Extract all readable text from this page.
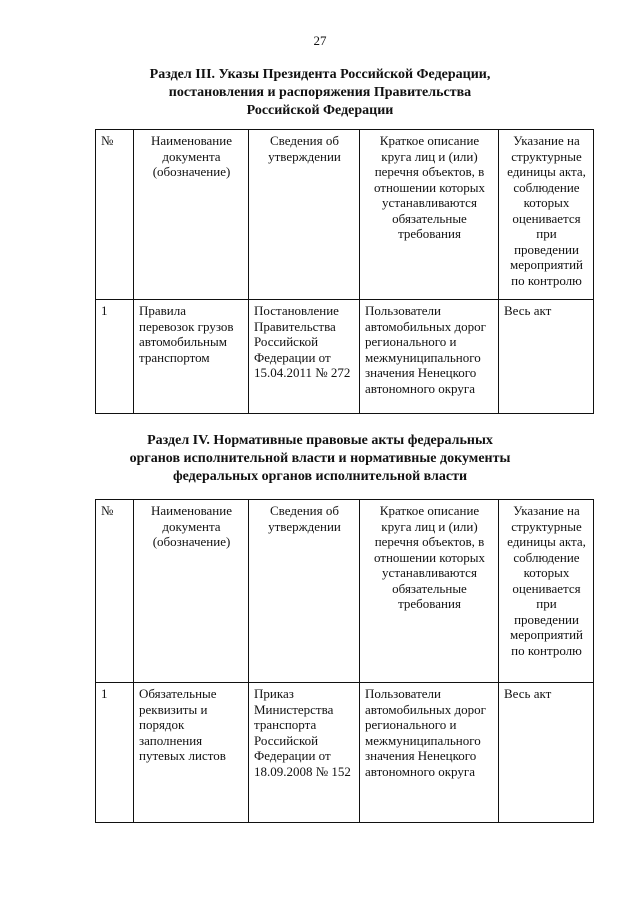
27
Раздел III. Указы Президента Российской Федерации,
постановления и распоряжения Правительства
Российской Федерации
№	Наименование документа (обозначение)	Сведения об утверждении	Краткое описание круга лиц и (или) перечня объектов, в отношении которых устанавливаются обязательные требования	Указание на структурные единицы акта, соблюдение которых оценивается при проведении мероприятий по контролю
1	Правила перевозок грузов автомобильным транспортом	Постановление Правительства Российской Федерации от 15.04.2011 № 272	Пользователи автомобильных дорог регионального и межмуниципального значения Ненецкого автономного округа	Весь акт
Раздел IV. Нормативные правовые акты федеральных
органов исполнительной власти и нормативные документы
федеральных органов исполнительной власти
№	Наименование документа (обозначение)	Сведения об утверждении	Краткое описание круга лиц и (или) перечня объектов, в отношении которых устанавливаются обязательные требования	Указание на структурные единицы акта, соблюдение которых оценивается при проведении мероприятий по контролю
1	Обязательные реквизиты и порядок заполнения путевых листов	Приказ Министерства транспорта Российской Федерации от 18.09.2008 № 152	Пользователи автомобильных дорог регионального и межмуниципального значения Ненецкого автономного округа	Весь акт
